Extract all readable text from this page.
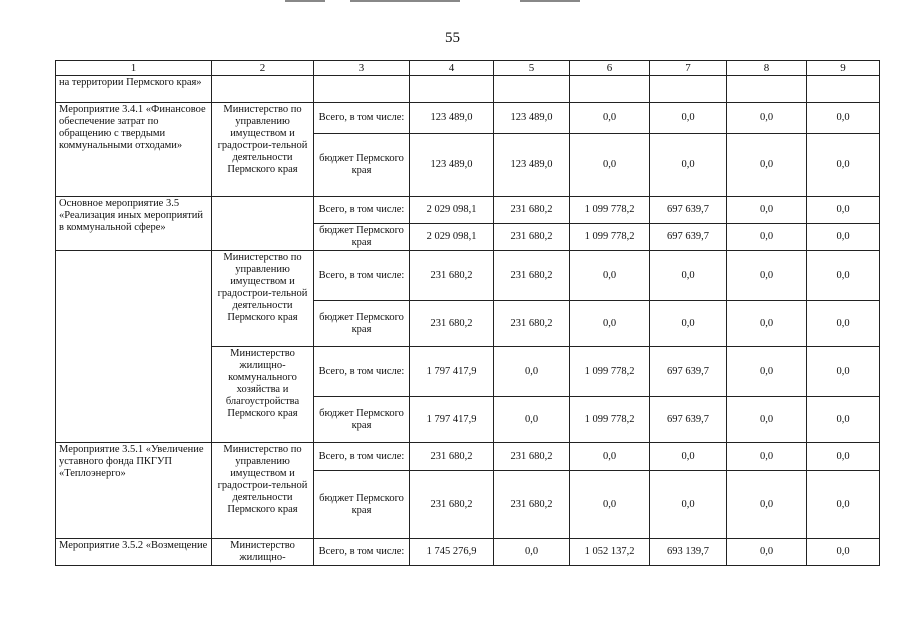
55
1	2	3	4	5	6	7	8	9
на территории Пермского края»								
Мероприятие 3.4.1 «Финансовое обеспечение затрат по обращению с твердыми коммунальными отходами»	Министерство по управлению имуществом и градострои-тельной деятельности Пермского края	Всего, в том числе:	123 489,0	123 489,0	0,0	0,0	0,0	0,0
		бюджет Пермского края	123 489,0	123 489,0	0,0	0,0	0,0	0,0
Основное мероприятие 3.5 «Реализация иных мероприятий в коммунальной сфере»		Всего, в том числе:	2 029 098,1	231 680,2	1 099 778,2	697 639,7	0,0	0,0
		бюджет Пермского края	2 029 098,1	231 680,2	1 099 778,2	697 639,7	0,0	0,0
	Министерство по управлению имуществом и градострои-тельной деятельности Пермского края	Всего, в том числе:	231 680,2	231 680,2	0,0	0,0	0,0	0,0
		бюджет Пермского края	231 680,2	231 680,2	0,0	0,0	0,0	0,0
	Министерство жилищно-коммунального хозяйства и благоустройства Пермского края	Всего, в том числе:	1 797 417,9	0,0	1 099 778,2	697 639,7	0,0	0,0
		бюджет Пермского края	1 797 417,9	0,0	1 099 778,2	697 639,7	0,0	0,0
Мероприятие 3.5.1 «Увеличение уставного фонда ПКГУП «Теплоэнерго»	Министерство по управлению имуществом и градострои-тельной деятельности Пермского края	Всего, в том числе:	231 680,2	231 680,2	0,0	0,0	0,0	0,0
		бюджет Пермского края	231 680,2	231 680,2	0,0	0,0	0,0	0,0
Мероприятие 3.5.2 «Возмещение	Министерство жилищно-	Всего, в том числе:	1 745 276,9	0,0	1 052 137,2	693 139,7	0,0	0,0
